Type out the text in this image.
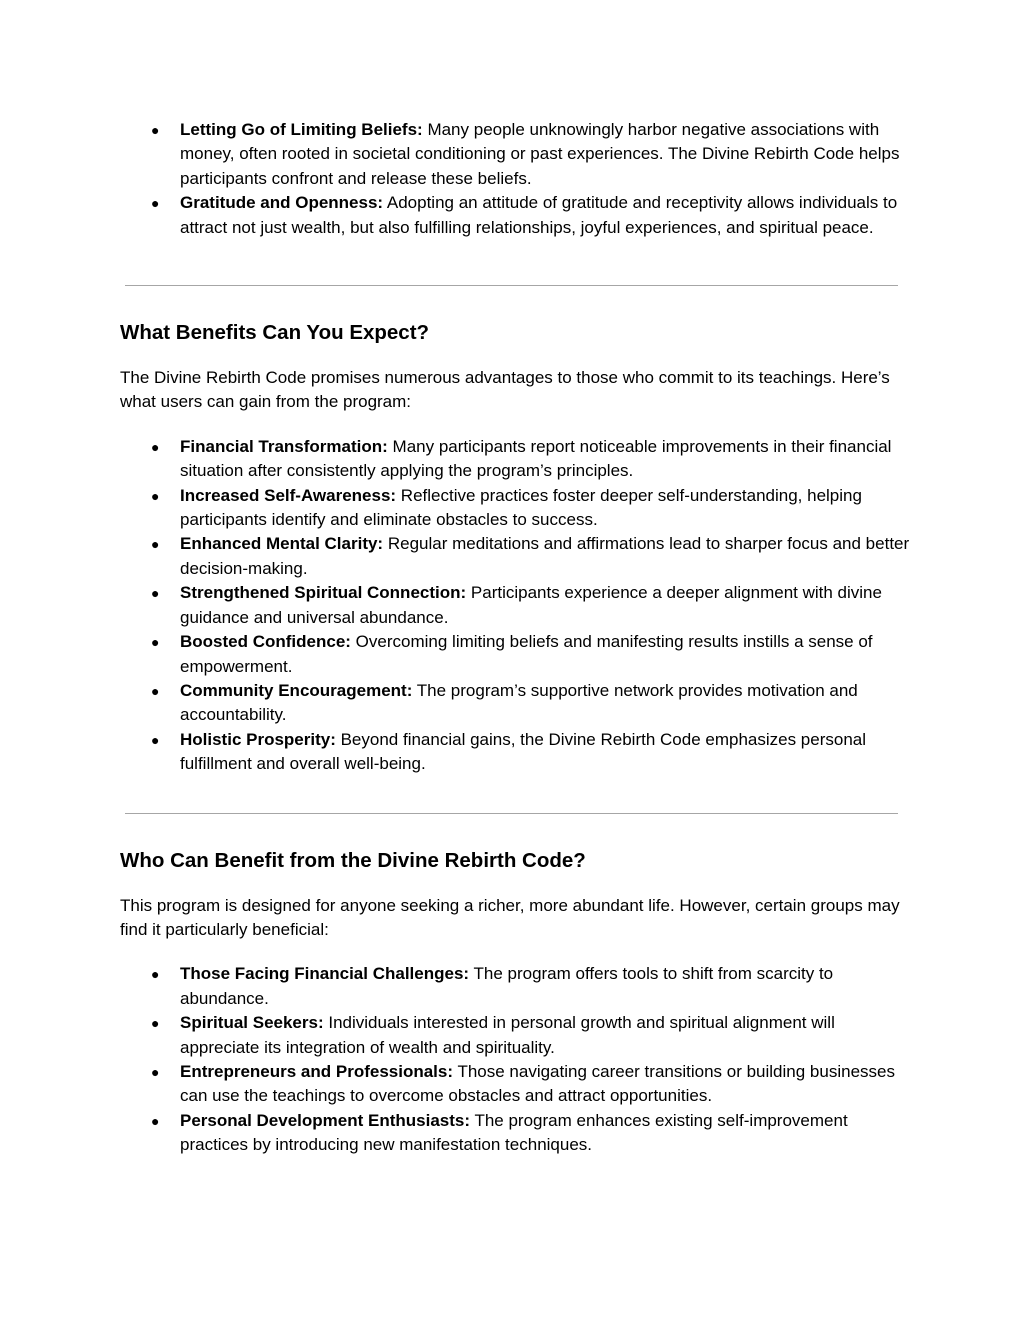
● Letting Go of Limiting Beliefs: Many people unknowingly harbor negative associations with money, often rooted in societal conditioning or past experiences. The Divine Rebirth Code helps participants confront and release these beliefs.
● Gratitude and Openness: Adopting an attitude of gratitude and receptivity allows individuals to attract not just wealth, but also fulfilling relationships, joyful experiences, and spiritual peace.
What Benefits Can You Expect?

The Divine Rebirth Code promises numerous advantages to those who commit to its teachings. Here’s what users can gain from the program:

● Financial Transformation: Many participants report noticeable improvements in their financial situation after consistently applying the program’s principles.
● Increased Self-Awareness: Reflective practices foster deeper self-understanding, helping participants identify and eliminate obstacles to success.
● Enhanced Mental Clarity: Regular meditations and affirmations lead to sharper focus and better decision-making.
● Strengthened Spiritual Connection: Participants experience a deeper alignment with divine guidance and universal abundance.
● Boosted Confidence: Overcoming limiting beliefs and manifesting results instills a sense of empowerment.
● Community Encouragement: The program’s supportive network provides motivation and accountability.
● Holistic Prosperity: Beyond financial gains, the Divine Rebirth Code emphasizes personal fulfillment and overall well-being.
Who Can Benefit from the Divine Rebirth Code?

This program is designed for anyone seeking a richer, more abundant life. However, certain groups may find it particularly beneficial:

● Those Facing Financial Challenges: The program offers tools to shift from scarcity to abundance.
● Spiritual Seekers: Individuals interested in personal growth and spiritual alignment will appreciate its integration of wealth and spirituality.
● Entrepreneurs and Professionals: Those navigating career transitions or building businesses can use the teachings to overcome obstacles and attract opportunities.
● Personal Development Enthusiasts: The program enhances existing self-improvement practices by introducing new manifestation techniques.
